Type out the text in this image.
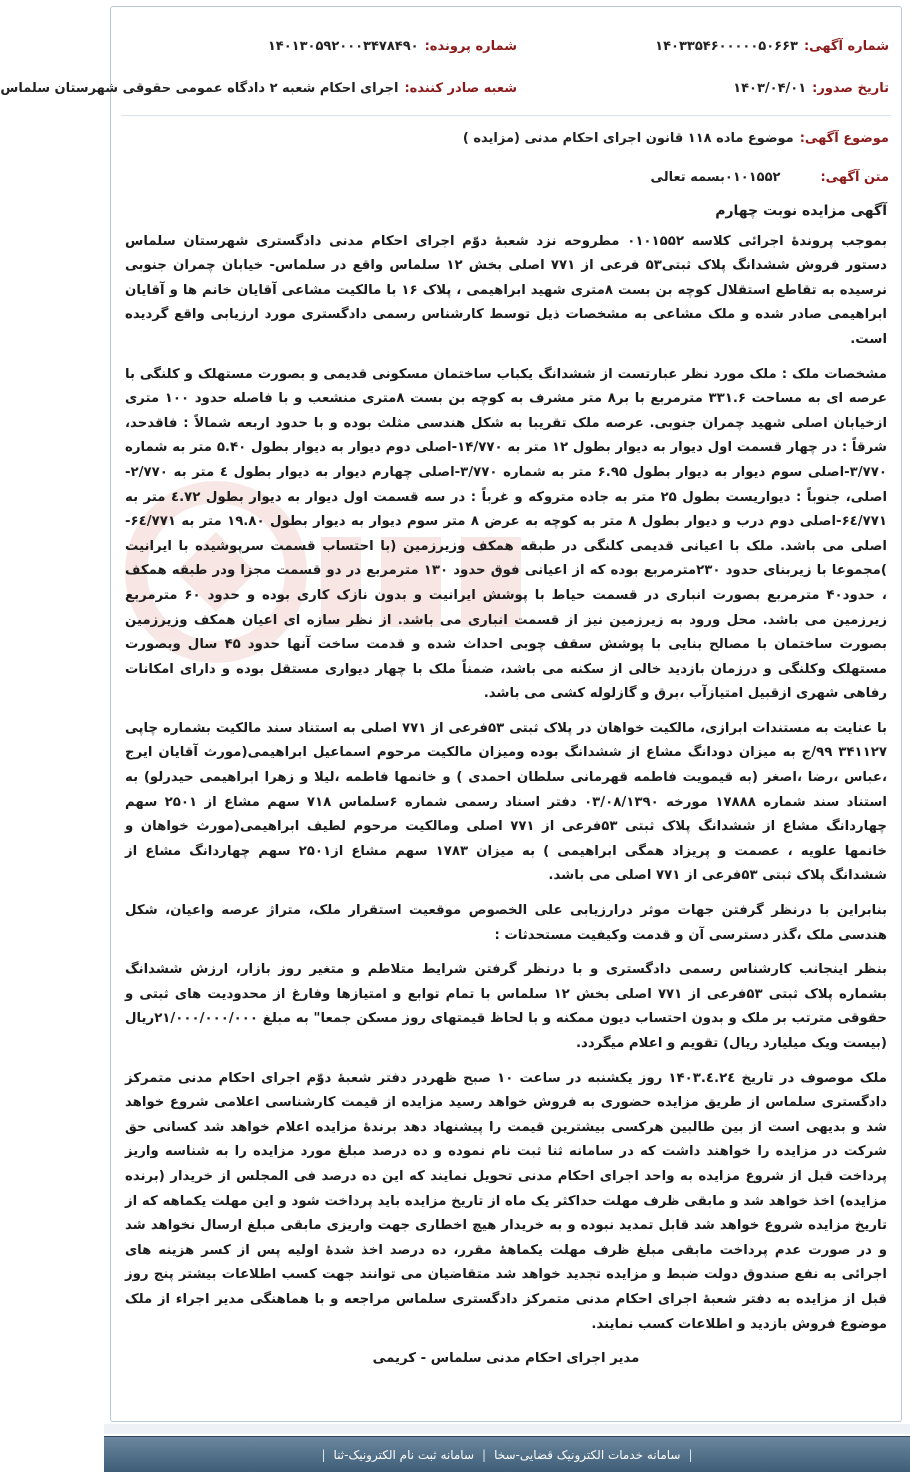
شماره آگهی:۱۴۰۳۳۵۴۶۰۰۰۰۰۵۰۶۶۳
شماره پرونده:۱۴۰۱۳۰۵۹۲۰۰۰۳۴۷۸۴۹۰
تاریخ صدور:۱۴۰۳/۰۴/۰۱
شعبه صادر کننده:اجرای احکام شعبه ۲ دادگاه عمومی حقوقی شهرستان سلماس
موضوع آگهی:موضوع ماده ۱۱۸ قانون اجرای احکام مدنی (مزایده )
متن آگهی:۰۱۰۱۵۵۲بسمه تعالی

آگهی مزایده نوبت چهارم

بموجب پروندۀ اجرائی کلاسه ۰۱۰۱۵۵۲ مطروحه نزد شعبۀ دوّم اجرای احکام مدنی دادگستری شهرستان سلماس دستور فروش ششدانگ پلاک ثبتی۵۳ فرعی از ۷۷۱ اصلی بخش ۱۲ سلماس واقع در سلماس- خیابان چمران جنوبی نرسیده به تقاطع استقلال کوچه بن بست ۸متری شهید ابراهیمی ، پلاک ۱۶ با مالکیت مشاعی آقایان خانم ها و آقایان ابراهیمی صادر شده و ملک مشاعی به مشخصات ذیل توسط کارشناس رسمی دادگستری مورد ارزیابی واقع گردیده است.

مشخصات ملک : ملک مورد نظر عبارتست از ششدانگ یکباب ساختمان مسکونی قدیمی و بصورت مستهلک و کلنگی با عرصه ای به مساحت ۳۳۱.۶ مترمربع با بر۸ متر مشرف به کوچه بن بست ۸متری منشعب و با فاصله حدود ۱۰۰ متری ازخیابان اصلی شهید چمران جنوبی. عرصه ملک تقریبا به شکل هندسی مثلث بوده و با حدود اربعه شمالاً : فاقدحد، شرقاً : در چهار قسمت اول دیوار به دیوار بطول ۱۲ متر به ۱۴/۷۷۰-اصلی دوم دیوار به دیوار بطول ۵.۴۰ متر به شماره ۳/۷۷۰-اصلی سوم دیوار به دیوار بطول ۶.۹۵ متر به شماره ۳/۷۷۰-اصلی چهارم دیوار به دیوار بطول ٤ متر به ۲/۷۷۰-اصلی، جنوباً : دیواریست بطول ۲۵ متر به جاده متروکه و غرباً : در سه قسمت اول دیوار به دیوار بطول ٤.۷۲ متر به ۶٤/۷۷۱-اصلی دوم درب و دیوار بطول ۸ متر به کوچه به عرض ۸ متر سوم دیوار به دیوار بطول ۱۹.۸۰ متر به ۶٤/۷۷۱-اصلی می باشد. ملک با اعیانی قدیمی کلنگی در طبقه همکف وزیرزمین (با احتساب قسمت سرپوشیده با ایرانیت )مجموعا با زیربنای حدود ۲۳۰مترمربع بوده که از اعیانی فوق حدود ۱۳۰ مترمربع در دو قسمت مجزا ودر طبقه همکف ، حدود۴۰ مترمربع بصورت انباری در قسمت حیاط با پوشش ایرانیت و بدون نازک کاری بوده و حدود ۶۰ مترمربع زیرزمین می باشد. محل ورود به زیرزمین نیز از قسمت انباری می باشد. از نظر سازه ای اعیان همکف وزیرزمین بصورت ساختمان با مصالح بنایی با پوشش سقف چوبی احداث شده و قدمت ساخت آنها حدود ۴۵ سال وبصورت مستهلک وکلنگی و درزمان بازدید خالی از سکنه می باشد، ضمناً ملک با چهار دیواری مستقل بوده و دارای امکانات رفاهی شهری ازقبیل امتیازآب ،برق و گازلوله کشی می باشد.

با عنایت به مستندات ابرازی، مالکیت خواهان در پلاک ثبتی ۵۳فرعی از ۷۷۱ اصلی به استناد سند مالکیت بشماره چاپی ۳۴۱۱۲۷ ۹۹/ج به میزان دودانگ مشاع از ششدانگ بوده ومیزان مالکیت مرحوم اسماعیل ابراهیمی(مورث آقایان ایرج ،عباس ،رضا ،اصغر (به قیمویت فاطمه قهرمانی سلطان احمدی ) و خانمها فاطمه ،لیلا و زهرا ابراهیمی حیدرلو) به استناد سند شماره ۱۷۸۸۸ مورخه ۰۳/۰۸/۱۳۹۰ دفتر اسناد رسمی شماره ۶سلماس ۷۱۸ سهم مشاع از ۲۵۰۱ سهم چهاردانگ مشاع از ششدانگ پلاک ثبتی ۵۳فرعی از ۷۷۱ اصلی ومالکیت مرحوم لطیف ابراهیمی(مورث خواهان و خانمها علویه ، عصمت و پریزاد همگی ابراهیمی ) به میزان ۱۷۸۳ سهم مشاع از۲۵۰۱ سهم چهاردانگ مشاع از ششدانگ پلاک ثبتی ۵۳فرعی از ۷۷۱ اصلی می باشد.

بنابراین با درنظر گرفتن جهات موثر درارزیابی علی الخصوص موقعیت استقرار ملک، متراژ عرصه واعیان، شکل هندسی ملک ،گذر دسترسی آن و قدمت وکیفیت مستحدثات :

بنظر اینجانب کارشناس رسمی دادگستری و با درنظر گرفتن شرایط متلاطم و متغیر روز بازار، ارزش ششدانگ بشماره پلاک ثبتی ۵۳فرعی از ۷۷۱ اصلی بخش ۱۲ سلماس با تمام توابع و امتیازها وفارغ از محدودیت های ثبتی و حقوقی مترتب بر ملک و بدون احتساب دیون ممکنه و با لحاظ قیمتهای روز مسکن جمعا" به مبلغ ۲۱/۰۰۰/۰۰۰/۰۰۰ریال (بیست ویک میلیارد ریال) تقویم و اعلام میگردد.

ملک موصوف در تاریخ ۱۴۰۳.٤.۲٤ روز یکشنبه در ساعت ۱۰ صبح ظهردر دفتر شعبۀ دوّم اجرای احکام مدنی متمرکز دادگستری سلماس از طریق مزایده حضوری به فروش خواهد رسید مزایده از قیمت کارشناسی اعلامی شروع خواهد شد و بدیهی است از بین طالبین هرکسی بیشترین قیمت را پیشنهاد دهد برندۀ مزایده اعلام خواهد شد کسانی حق شرکت در مزایده را خواهند داشت که در سامانه ثنا ثبت نام نموده و ده درصد مبلغ مورد مزایده را به شناسه واریز پرداخت قبل از شروع مزایده به واحد اجرای احکام مدنی تحویل نمایند که این ده درصد فی المجلس از خریدار (برنده مزایده) اخذ خواهد شد و مابقی ظرف مهلت حداکثر یک ماه از تاریخ مزایده باید پرداخت شود و این مهلت یکماهه که از تاریخ مزایده شروع خواهد شد قابل تمدید نبوده و به خریدار هیچ اخطاری جهت واریزی مابقی مبلغ ارسال نخواهد شد و در صورت عدم پرداخت مابقی مبلغ ظرف مهلت یکماهۀ مقرر، ده درصد اخذ شدۀ اولیه پس از کسر هزینه های اجرائی به نفع صندوق دولت ضبط و مزایده تجدید خواهد شد متقاضیان می توانند جهت کسب اطلاعات بیشتر پنج روز قبل از مزایده به دفتر شعبۀ اجرای احکام مدنی متمرکز دادگستری سلماس مراجعه و با هماهنگی مدیر اجراء از ملک موضوع فروش بازدید و اطلاعات کسب نمایند.

مدیر اجرای احکام مدنی سلماس - کریمی

|
سامانه خدمات الکترونیک قضایی-سخا
|
سامانه ثبت نام الکترونیک-ثنا
|
